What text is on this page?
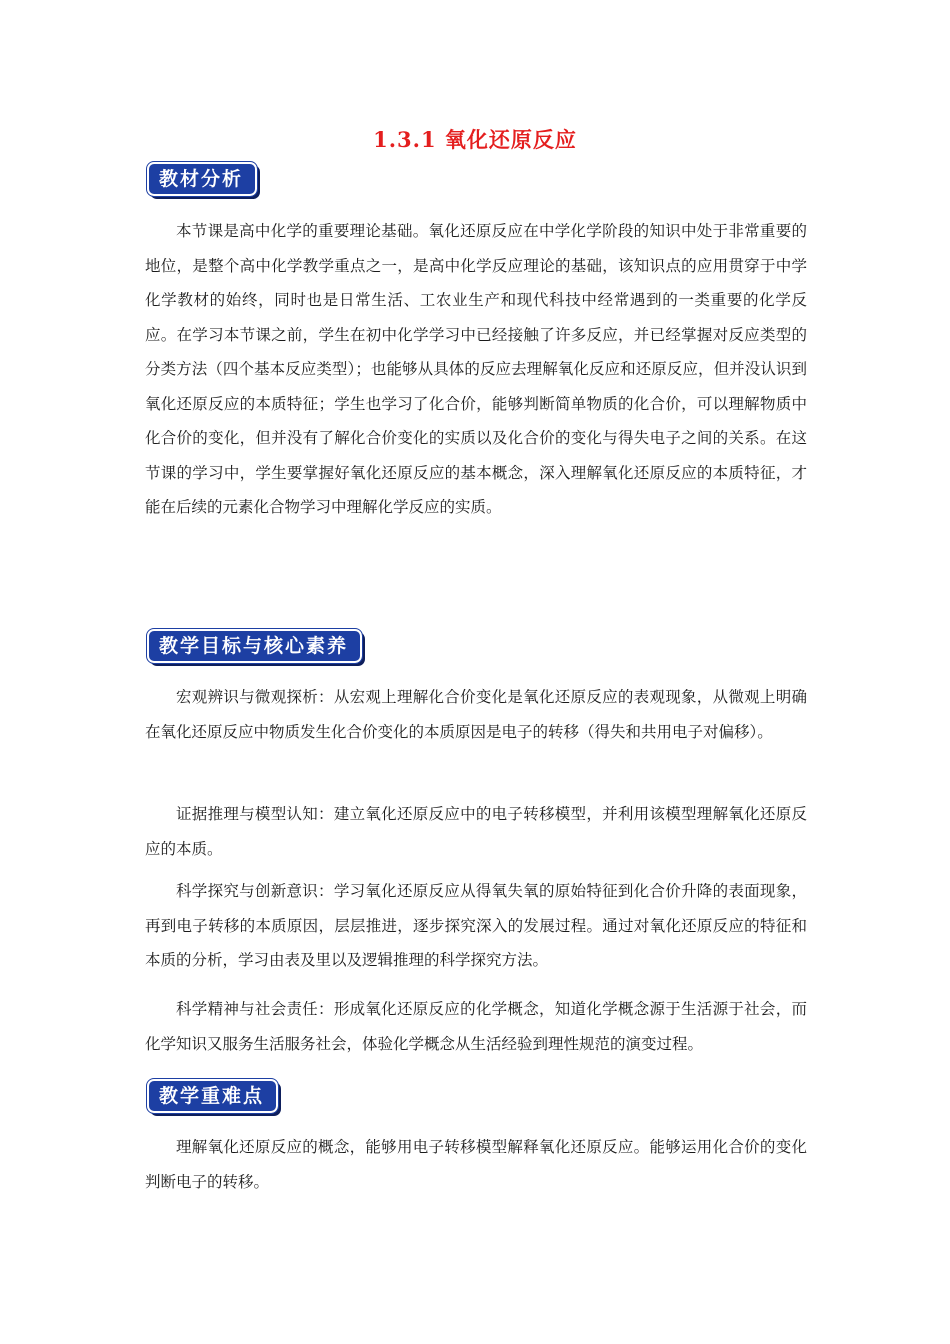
1.3.1 氧化还原反应
教材分析

本节课是高中化学的重要理论基础。氧化还原反应在中学化学阶段的知识中处于非常重要的地位，是整个高中化学教学重点之一，是高中化学反应理论的基础，该知识点的应用贯穿于中学化学教材的始终，同时也是日常生活、工农业生产和现代科技中经常遇到的一类重要的化学反应。在学习本节课之前，学生在初中化学学习中已经接触了许多反应，并已经掌握对反应类型的分类方法（四个基本反应类型）；也能够从具体的反应去理解氧化反应和还原反应，但并没认识到氧化还原反应的本质特征；学生也学习了化合价，能够判断简单物质的化合价，可以理解物质中化合价的变化，但并没有了解化合价变化的实质以及化合价的变化与得失电子之间的关系。在这节课的学习中，学生要掌握好氧化还原反应的基本概念，深入理解氧化还原反应的本质特征，才能在后续的元素化合物学习中理解化学反应的实质。

教学目标与核心素养

宏观辨识与微观探析：从宏观上理解化合价变化是氧化还原反应的表观现象，从微观上明确在氧化还原反应中物质发生化合价变化的本质原因是电子的转移（得失和共用电子对偏移）。

证据推理与模型认知：建立氧化还原反应中的电子转移模型，并利用该模型理解氧化还原反应的本质。

科学探究与创新意识：学习氧化还原反应从得氧失氧的原始特征到化合价升降的表面现象，再到电子转移的本质原因，层层推进，逐步探究深入的发展过程。通过对氧化还原反应的特征和本质的分析，学习由表及里以及逻辑推理的科学探究方法。

科学精神与社会责任：形成氧化还原反应的化学概念，知道化学概念源于生活源于社会，而化学知识又服务生活服务社会，体验化学概念从生活经验到理性规范的演变过程。

教学重难点

理解氧化还原反应的概念，能够用电子转移模型解释氧化还原反应。能够运用化合价的变化判断电子的转移。
